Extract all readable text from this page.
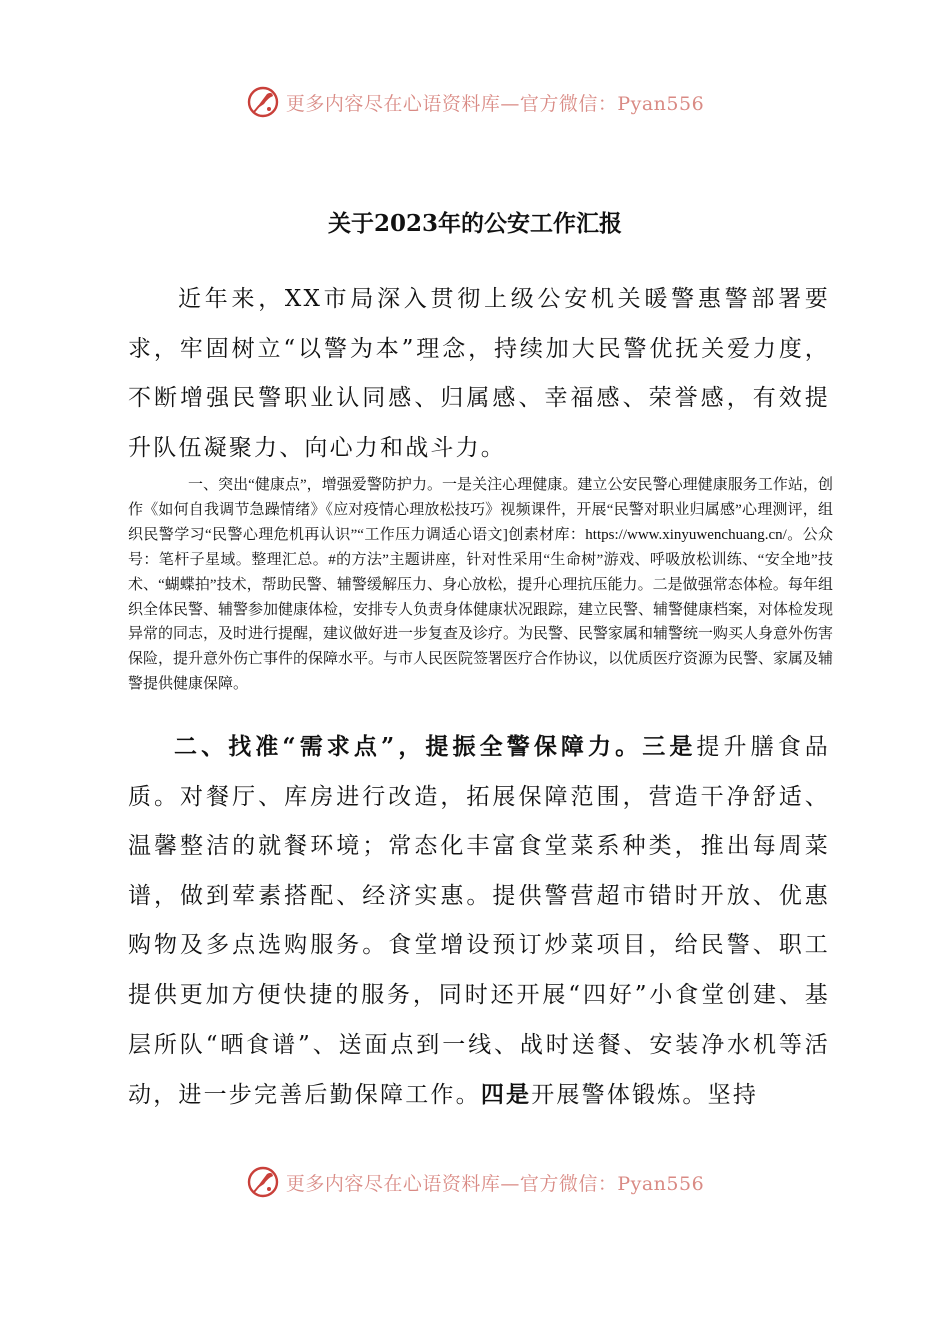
更多内容尽在心语资料库—官方微信：Pyan556
关于2023年的公安工作汇报

近年来，XX市局深入贯彻上级公安机关暖警惠警部署要求，牢固树立“以警为本”理念，持续加大民警优抚关爱力度，不断增强民警职业认同感、归属感、幸福感、荣誉感，有效提升队伍凝聚力、向心力和战斗力。

一、突出“健康点”，增强爱警防护力。一是关注心理健康。建立公安民警心理健康服务工作站，创作《如何自我调节急躁情绪》《应对疫情心理放松技巧》视频课件，开展“民警对职业归属感”心理测评，组织民警学习“民警心理危机再认识”“工作压力调适心语文]创素材库：https://www.xinyuwenchuang.cn/。公众号：笔杆子星域。整理汇总。#的方法”主题讲座，针对性采用“生命树”游戏、呼吸放松训练、“安全地”技术、“蝴蝶拍”技术，帮助民警、辅警缓解压力、身心放松，提升心理抗压能力。二是做强常态体检。每年组织全体民警、辅警参加健康体检，安排专人负责身体健康状况跟踪，建立民警、辅警健康档案，对体检发现异常的同志，及时进行提醒，建议做好进一步复查及诊疗。为民警、民警家属和辅警统一购买人身意外伤害保险，提升意外伤亡事件的保障水平。与市人民医院签署医疗合作协议，以优质医疗资源为民警、家属及辅警提供健康保障。

二、找准“需求点”，提振全警保障力。三是提升膳食品质。对餐厅、库房进行改造，拓展保障范围，营造干净舒适、温馨整洁的就餐环境；常态化丰富食堂菜系种类，推出每周菜谱，做到荤素搭配、经济实惠。提供警营超市错时开放、优惠购物及多点选购服务。食堂增设预订炒菜项目，给民警、职工提供更加方便快捷的服务，同时还开展“四好”小食堂创建、基层所队“晒食谱”、送面点到一线、战时送餐、安装净水机等活动，进一步完善后勤保障工作。四是开展警体锻炼。坚持

更多内容尽在心语资料库—官方微信：Pyan556
